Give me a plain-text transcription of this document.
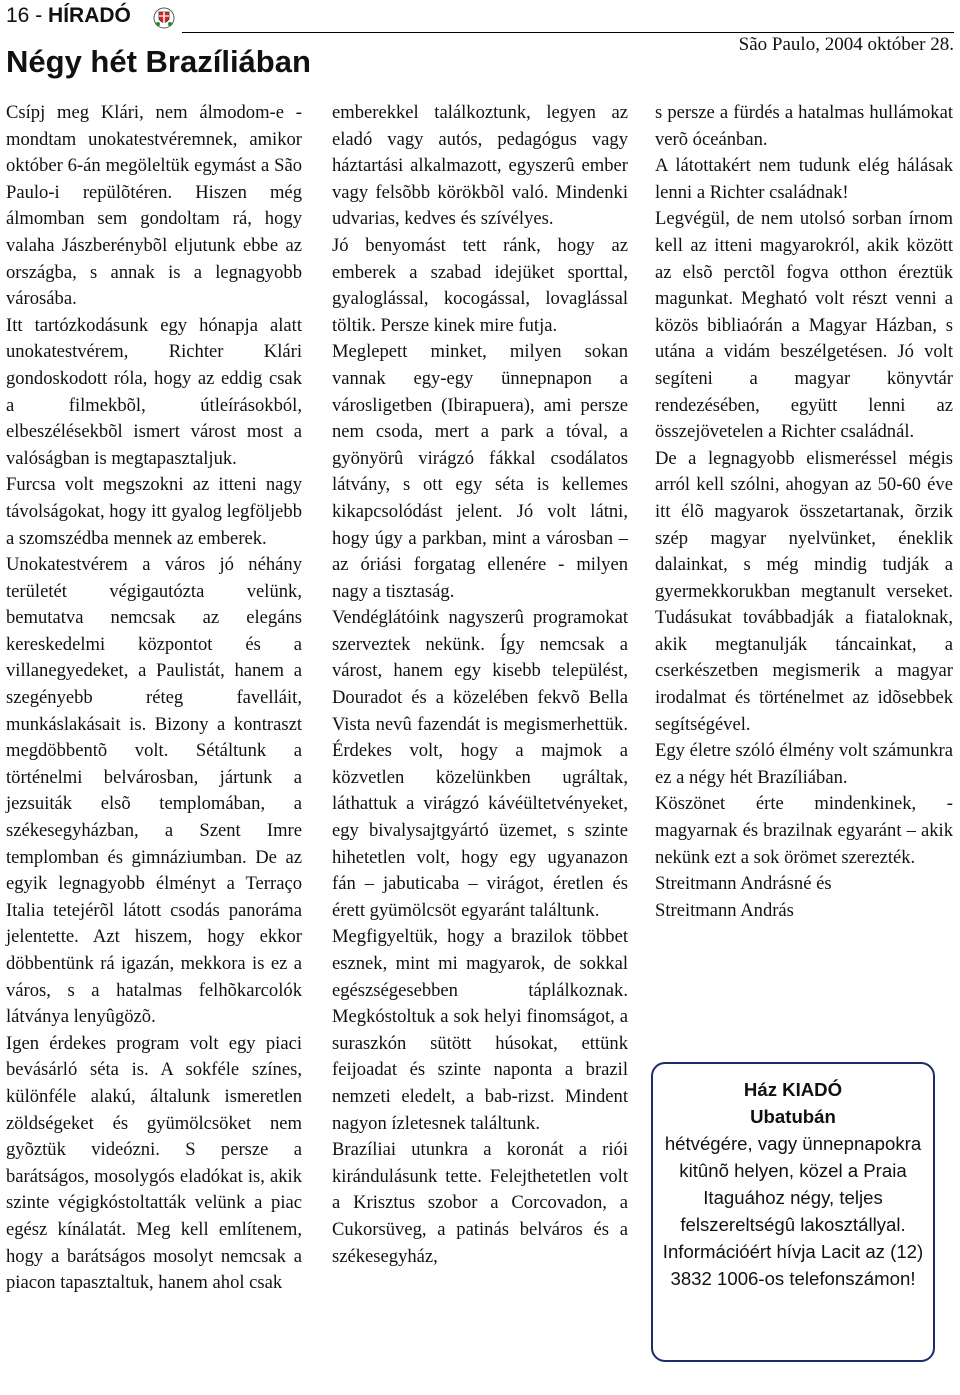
16 - HÍRADÓ
São Paulo, 2004 október 28.
Négy hét Brazíliában

Csípj meg Klári, nem álmodom-e - mondtam unokatestvéremnek, amikor október 6-án megöleltük egymást a São Paulo-i repülõtéren. Hiszen még álmomban sem gondoltam rá, hogy valaha Jászberénybõl eljutunk ebbe az országba, s annak is a legnagyobb városába.

Itt tartózkodásunk egy hónapja alatt unokatestvérem, Richter Klári gondoskodott róla, hogy az eddig csak a filmekbõl, útleírásokból, elbeszélésekbõl ismert várost most a valóságban is megtapasztaljuk.

Furcsa volt megszokni az itteni nagy távolságokat, hogy itt gyalog legföljebb a szomszédba mennek az emberek.

Unokatestvérem a város jó néhány területét végigautózta velünk, bemutatva nemcsak az elegáns kereskedelmi központot és a villanegyedeket, a Paulistát, hanem a szegényebb réteg favelláit, munkáslakásait is. Bizony a kontraszt megdöbbentõ volt. Sétáltunk a történelmi belvárosban, jártunk a jezsuiták elsõ templomában, a székesegyházban, a Szent Imre templomban és gimnáziumban. De az egyik legnagyobb élményt a Terraço Italia tetejérõl látott csodás panoráma jelentette. Azt hiszem, hogy ekkor döbbentünk rá igazán, mekkora is ez a város, s a hatalmas felhõkarcolók látványa lenyûgözõ.

Igen érdekes program volt egy piaci bevásárló séta is. A sokféle színes, különféle alakú, általunk ismeretlen zöldségeket és gyümölcsöket nem gyõztük videózni. S persze a barátságos, mosolygós eladókat is, akik szinte végigkóstoltatták velünk a piac egész kínálatát. Meg kell említenem, hogy a barátságos mosolyt nemcsak a piacon tapasztaltuk, hanem ahol csak

emberekkel találkoztunk, legyen az eladó vagy autós, pedagógus vagy háztartási alkalmazott, egyszerû ember vagy felsõbb körökbõl való. Mindenki udvarias, kedves és szívélyes.

Jó benyomást tett ránk, hogy az emberek a szabad idejüket sporttal, gyaloglással, kocogással, lovaglással töltik. Persze kinek mire futja.

Meglepett minket, milyen sokan vannak egy-egy ünnepnapon a városligetben (Ibirapuera), ami persze nem csoda, mert a park a tóval, a gyönyörû virágzó fákkal csodálatos látvány, s ott egy séta is kellemes kikapcsolódást jelent. Jó volt látni, hogy úgy a parkban, mint a városban – az óriási forgatag ellenére - milyen nagy a tisztaság.

Vendéglátóink nagyszerû programokat szerveztek nekünk. Így nemcsak a várost, hanem egy kisebb települést, Douradot és a közelében fekvõ Bella Vista nevû fazendát is megismerhettük. Érdekes volt, hogy a majmok a közvetlen közelünkben ugráltak, láthattuk a virágzó kávéültetvényeket, egy bivalysajtgyártó üzemet, s szinte hihetetlen volt, hogy egy ugyanazon fán – jabuticaba – virágot, éretlen és érett gyümölcsöt egyaránt találtunk.

Megfigyeltük, hogy a brazilok többet esznek, mint mi magyarok, de sokkal egészségesebben táplálkoznak. Megkóstoltuk a sok helyi finomságot, a suraszkón sütött húsokat, ettünk feijoadat és szinte naponta a brazil nemzeti eledelt, a bab-rizst. Mindent nagyon ízletesnek találtunk.

Brazíliai utunkra a koronát a riói kirándulásunk tette. Felejthetetlen volt a Krisztus szobor a Corcovadon, a Cukorsüveg, a patinás belváros és a székesegyház,

s persze a fürdés a hatalmas hullámokat verõ óceánban.

A látottakért nem tudunk elég hálásak lenni a Richter családnak!

Legvégül, de nem utolsó sorban írnom kell az itteni magyarokról, akik között az elsõ perctõl fogva otthon éreztük magunkat. Megható volt részt venni a közös bibliaórán a Magyar Házban, s utána a vidám beszélgetésen. Jó volt segíteni a magyar könyvtár rendezésében, együtt lenni az összejövetelen a Richter családnál.

De a legnagyobb elismeréssel mégis arról kell szólni, ahogyan az 50-60 éve itt élõ magyarok összetartanak, õrzik szép magyar nyelvünket, éneklik dalainkat, s még mindig tudják a gyermekkorukban megtanult verseket. Tudásukat továbbadják a fiataloknak, akik megtanulják táncainkat, a cserkészetben megismerik a magyar irodalmat és történelmet az idõsebbek segítségével.

Egy életre szóló élmény volt számunkra ez a négy hét Brazíliában.

Köszönet érte mindenkinek, - magyarnak és brazilnak egyaránt – akik nekünk ezt a sok örömet szerezték.

Streitmann Andrásné és

Streitmann András

Ház KIADÓ
Ubatubán
hétvégére, vagy ünnepnapokra kitûnõ helyen, közel a Praia Itaguához négy, teljes felszereltségû lakosztállyal. Információért hívja Lacit az (12) 3832 1006-os telefonszámon!
